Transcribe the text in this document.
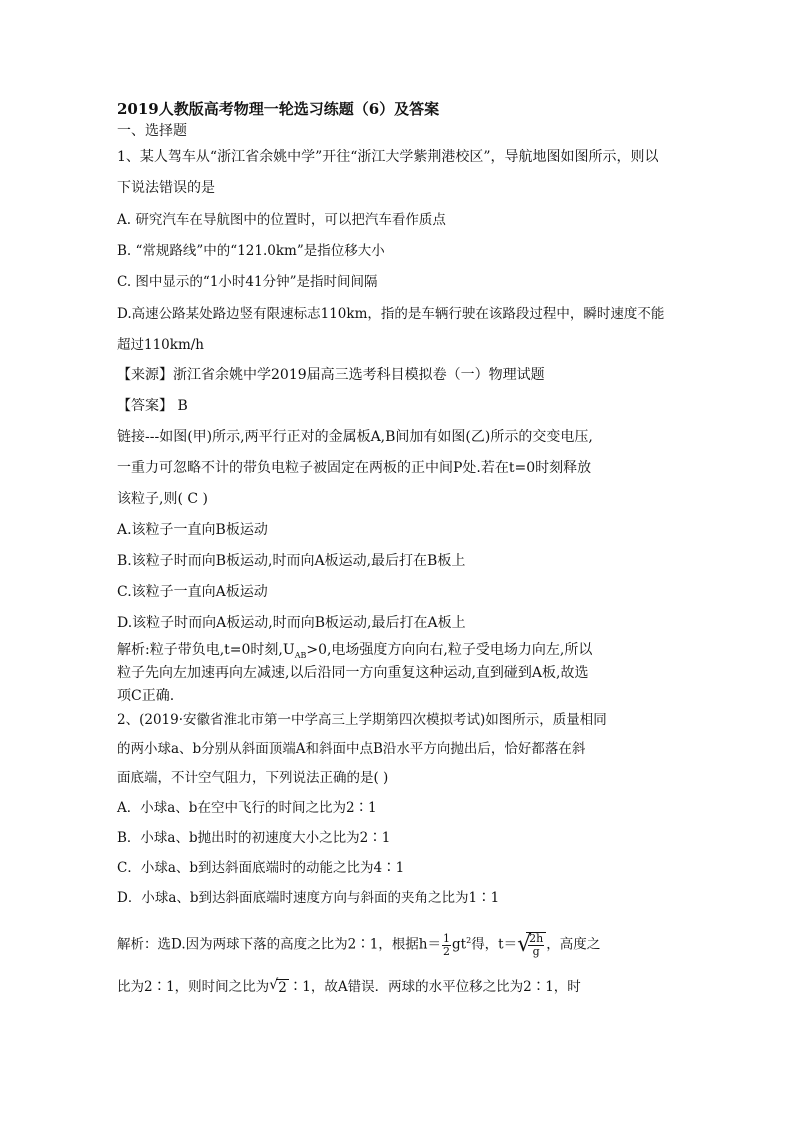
2019人教版高考物理一轮选习练题（6）及答案
一、选择题
1、某人驾车从“浙江省余姚中学”开往“浙江大学紫荆港校区”，导航地图如图所示，则以
下说法错误的是
A. 研究汽车在导航图中的位置时，可以把汽车看作质点
B. “常规路线”中的“121.0km”是指位移大小
C. 图中显示的“1小时41分钟”是指时间间隔
D.高速公路某处路边竖有限速标志110km，指的是车辆行驶在该路段过程中，瞬时速度不能
超过110km/h
【来源】浙江省余姚中学2019届高三选考科目模拟卷（一）物理试题
【答案】 B
链接---如图(甲)所示,两平行正对的金属板A,B间加有如图(乙)所示的交变电压,
一重力可忽略不计的带负电粒子被固定在两板的正中间P处.若在t=0时刻释放
该粒子,则( C )
A.该粒子一直向B板运动
B.该粒子时而向B板运动,时而向A板运动,最后打在B板上
C.该粒子一直向A板运动
D.该粒子时而向A板运动,时而向B板运动,最后打在A板上
解析:粒子带负电,t=0时刻$,U_{AB}>0$,电场强度方向向右,粒子受电场力向左,所以
粒子先向左加速再向左减速,以后沿同一方向重复这种运动,直到碰到A板,故选
项C正确.
2、(2019·安徽省淮北市第一中学高三上学期第四次模拟考试)如图所示，质量相同
的两小球a、b分别从斜面顶端A和斜面中点B沿水平方向抛出后，恰好都落在斜
面底端，不计空气阻力，下列说法正确的是( )
A．小球a、b在空中飞行的时间之比为2∶1
B．小球a、b抛出时的初速度大小之比为2∶1
C．小球a、b到达斜面底端时的动能之比为4∶1
D．小球a、b到达斜面底端时速度方向与斜面的夹角之比为1∶1
解析：选D.因为两球下落的高度之比为2∶1，根据$h= \frac{1}{2} gt^2$得，t＝ √
$\frac{2h}{g}$ ，高度之
比为2∶1，则时间之比为 √ 2 ∶1，故A错误．两球的水平位移之比为2∶1，时
